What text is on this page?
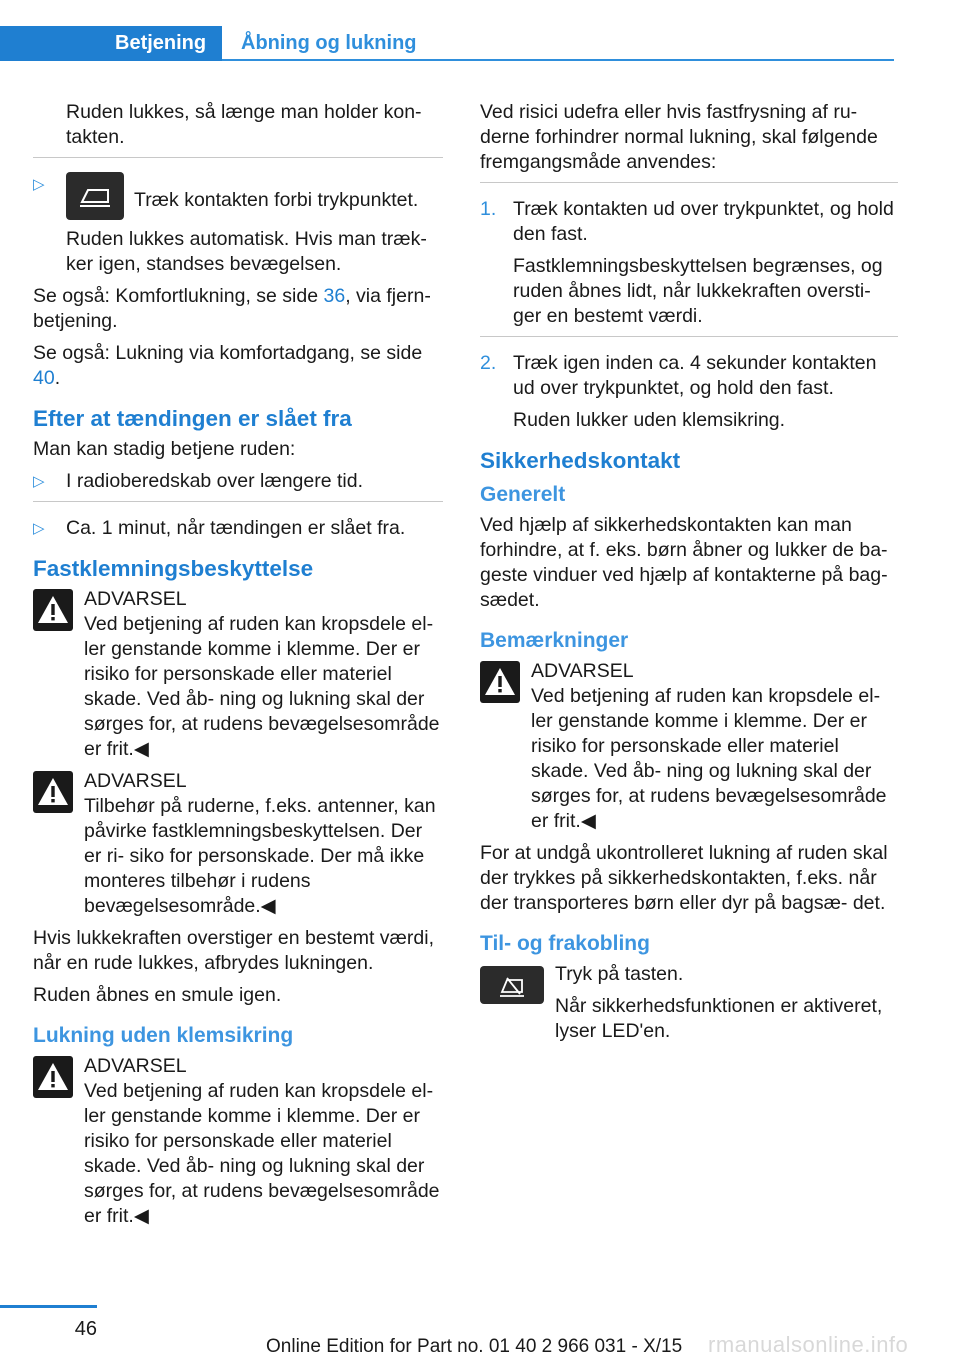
Betjening Åbning og lukning

Ruden lukkes, så længe man holder kon‐ takten.

▷
Træk kontakten forbi trykpunktet.

Ruden lukkes automatisk. Hvis man træk‐ ker igen, standses bevægelsen.

Se også: Komfortlukning, se side 36, via fjern‐ betjening.

Se også: Lukning via komfortadgang, se side 40.

Efter at tændingen er slået fra

Man kan stadig betjene ruden:

▷ I radioberedskab over længere tid.
▷ Ca. 1 minut, når tændingen er slået fra.
Fastklemningsbeskyttelse

ADVARSEL

Ved betjening af ruden kan kropsdele el‐ ler genstande komme i klemme. Der er risiko for personskade eller materiel skade. Ved åb‐ ning og lukning skal der sørges for, at rudens bevægelsesområde er frit.◀

ADVARSEL

Tilbehør på ruderne, f.eks. antenner, kan påvirke fastklemningsbeskyttelsen. Der er ri‐ siko for personskade. Der må ikke monteres tilbehør i rudens bevægelsesområde.◀

Hvis lukkekraften overstiger en bestemt værdi, når en rude lukkes, afbrydes lukningen.

Ruden åbnes en smule igen.

Lukning uden klemsikring

ADVARSEL

Ved betjening af ruden kan kropsdele el‐ ler genstande komme i klemme. Der er risiko for personskade eller materiel skade. Ved åb‐ ning og lukning skal der sørges for, at rudens bevægelsesområde er frit.◀

Ved risici udefra eller hvis fastfrysning af ru‐ derne forhindrer normal lukning, skal følgende fremgangsmåde anvendes:

1. Træk kontakten ud over trykpunktet, og hold den fast.

Fastklemningsbeskyttelsen begrænses, og ruden åbnes lidt, når lukkekraften oversti‐ ger en bestemt værdi.

2. Træk igen inden ca. 4 sekunder kontakten ud over trykpunktet, og hold den fast.

Ruden lukker uden klemsikring.

Sikkerhedskontakt
Generelt

Ved hjælp af sikkerhedskontakten kan man forhindre, at f. eks. børn åbner og lukker de ba‐ geste vinduer ved hjælp af kontakterne på bag‐ sædet.

Bemærkninger

ADVARSEL

Ved betjening af ruden kan kropsdele el‐ ler genstande komme i klemme. Der er risiko for personskade eller materiel skade. Ved åb‐ ning og lukning skal der sørges for, at rudens bevægelsesområde er frit.◀

For at undgå ukontrolleret lukning af ruden skal der trykkes på sikkerhedskontakten, f.eks. når der transporteres børn eller dyr på bagsæ‐ det.

Til- og frakobling

Tryk på tasten.

Når sikkerhedsfunktionen er aktiveret, lyser LED'en.

46
Online Edition for Part no. 01 40 2 966 031 - X/15 rmanualsonline.info
